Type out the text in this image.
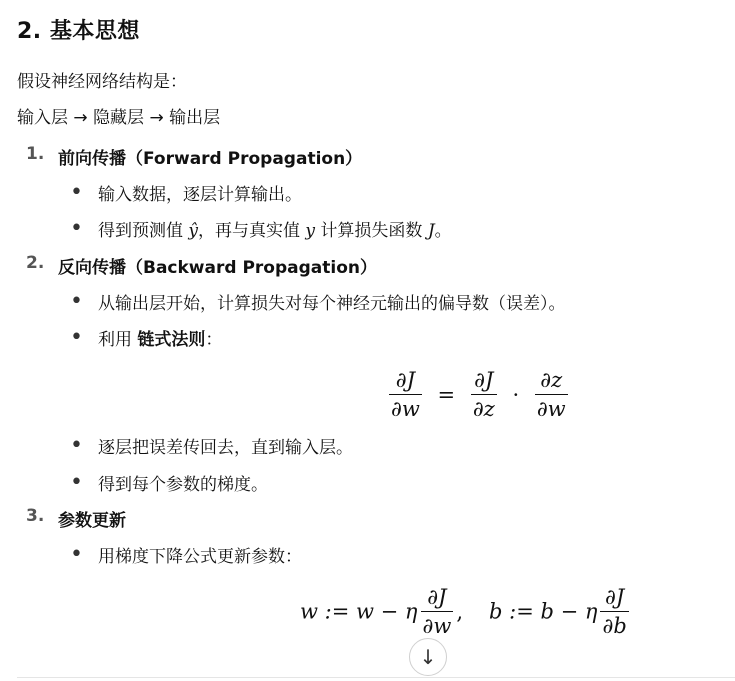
2. 基本思想
假设神经网络结构是：
输入层 → 隐藏层 → 输出层
1. 前向传播（Forward Propagation）
• 输入数据，逐层计算输出。
• 得到预测值 ŷ，再与真实值 y 计算损失函数 J。
2. 反向传播（Backward Propagation）
• 从输出层开始，计算损失对每个神经元输出的偏导数（误差）。
• 利用 链式法则：
$\frac{\partial J}{\partial w} = \frac{\partial J}{\partial z} \cdot \frac{\partial z}{\partial w}$
• 逐层把误差传回去，直到输入层。
• 得到每个参数的梯度。
3. 参数更新
• 用梯度下降公式更新参数：
w := w − η $\frac{\partial J}{\partial w}$ , b := b − η $\frac{\partial J}{\partial b}$
↓
